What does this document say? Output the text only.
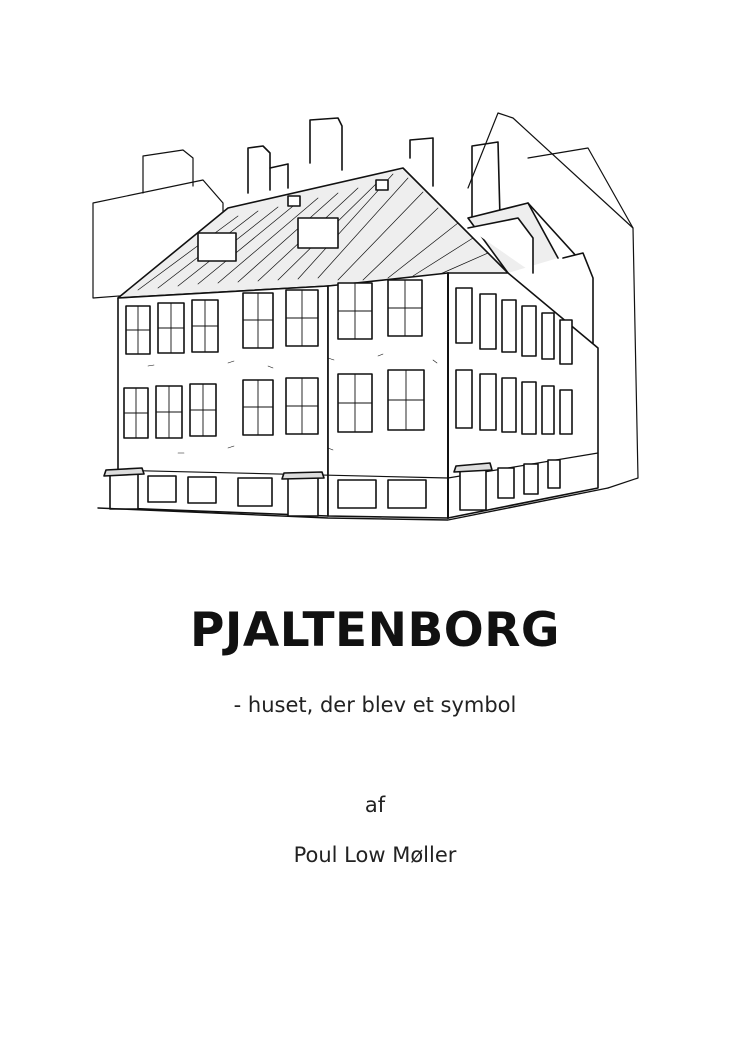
PJALTENBORG
- huset, der blev et symbol
af
Poul Low Møller
